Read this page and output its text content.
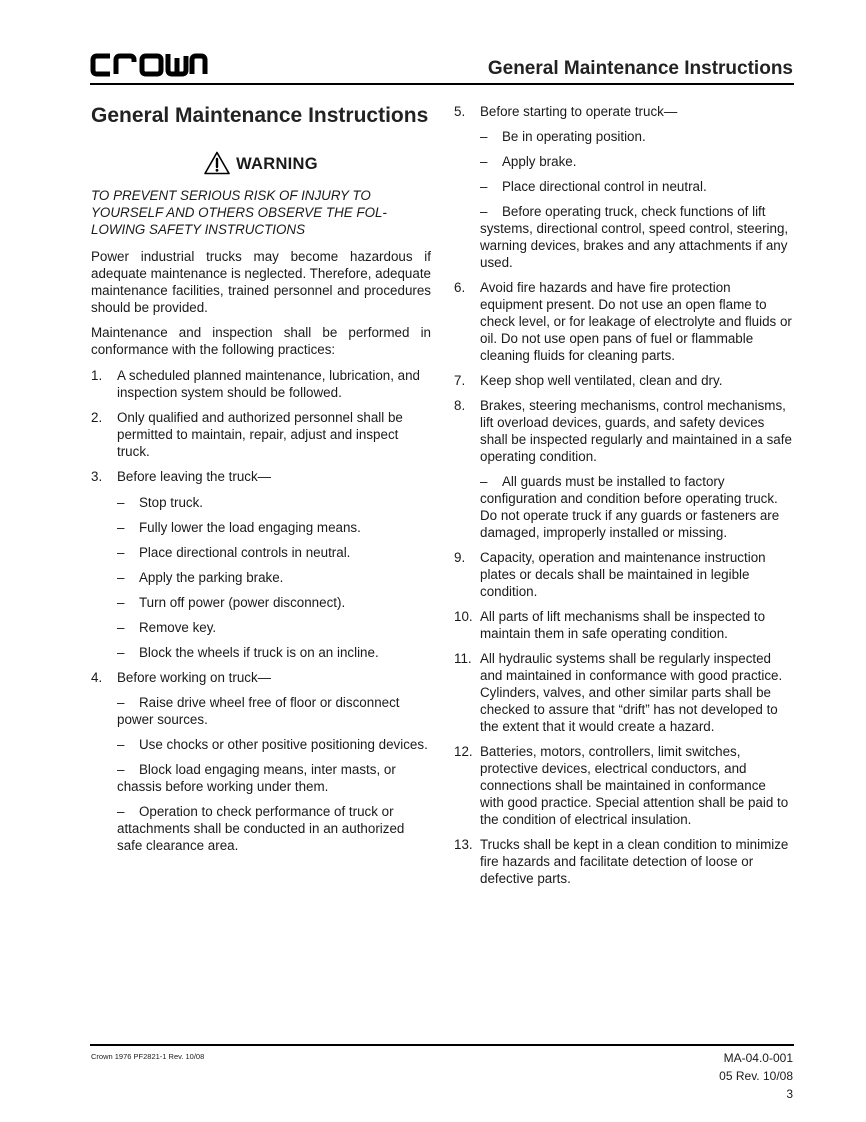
General Maintenance Instructions
General Maintenance Instructions
WARNING

TO PREVENT SERIOUS RISK OF INJURY TO YOURSELF AND OTHERS OBSERVE THE FOL-LOWING SAFETY INSTRUCTIONS

Power industrial trucks may become hazardous if adequate maintenance is neglected. Therefore, adequate maintenance facilities, trained personnel and procedures should be provided.

Maintenance and inspection shall be performed in conformance with the following practices:

1. A scheduled planned maintenance, lubrication, and inspection system should be followed.
2. Only qualified and authorized personnel shall be permitted to maintain, repair, adjust and inspect truck.
3. Before leaving the truck—
– Stop truck.
– Fully lower the load engaging means.
– Place directional controls in neutral.
– Apply the parking brake.
– Turn off power (power disconnect).
– Remove key.
– Block the wheels if truck is on an incline.
4. Before working on truck—
– Raise drive wheel free of floor or disconnect power sources.
– Use chocks or other positive positioning devices.
– Block load engaging means, inter masts, or chassis before working under them.
– Operation to check performance of truck or attachments shall be conducted in an authorized safe clearance area.
5. Before starting to operate truck—
– Be in operating position.
– Apply brake.
– Place directional control in neutral.
– Before operating truck, check functions of lift systems, directional control, speed control, steering, warning devices, brakes and any attachments if any used.
6. Avoid fire hazards and have fire protection equipment present. Do not use an open flame to check level, or for leakage of electrolyte and fluids or oil. Do not use open pans of fuel or flammable cleaning fluids for cleaning parts.
7. Keep shop well ventilated, clean and dry.
8. Brakes, steering mechanisms, control mechanisms, lift overload devices, guards, and safety devices shall be inspected regularly and maintained in a safe operating condition.
– All guards must be installed to factory configuration and condition before operating truck. Do not operate truck if any guards or fasteners are damaged, improperly installed or missing.
9. Capacity, operation and maintenance instruction plates or decals shall be maintained in legible condition.
10. All parts of lift mechanisms shall be inspected to maintain them in safe operating condition.
11. All hydraulic systems shall be regularly inspected and maintained in conformance with good practice. Cylinders, valves, and other similar parts shall be checked to assure that “drift” has not developed to the extent that it would create a hazard.
12. Batteries, motors, controllers, limit switches, protective devices, electrical conductors, and connections shall be maintained in conformance with good practice. Special attention shall be paid to the condition of electrical insulation.
13. Trucks shall be kept in a clean condition to minimize fire hazards and facilitate detection of loose or defective parts.
Crown 1976 PF2821-1 Rev. 10/08	MA-04.0-001
05 Rev. 10/08
3
